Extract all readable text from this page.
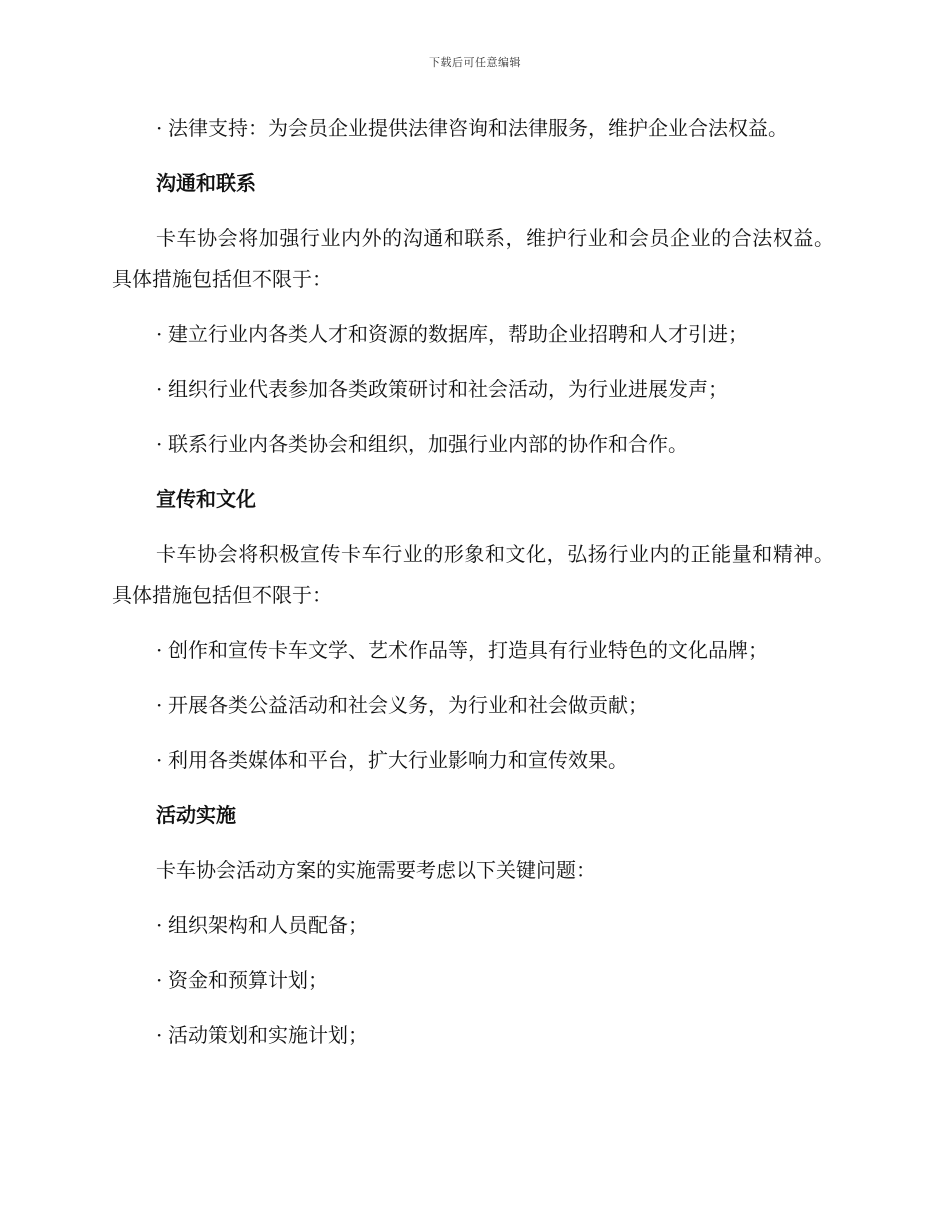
下载后可任意编辑
· 法律支持：为会员企业提供法律咨询和法律服务，维护企业合法权益。
沟通和联系
卡车协会将加强行业内外的沟通和联系，维护行业和会员企业的合法权益。具体措施包括但不限于：
· 建立行业内各类人才和资源的数据库，帮助企业招聘和人才引进；
· 组织行业代表参加各类政策研讨和社会活动，为行业进展发声；
· 联系行业内各类协会和组织，加强行业内部的协作和合作。
宣传和文化
卡车协会将积极宣传卡车行业的形象和文化，弘扬行业内的正能量和精神。具体措施包括但不限于：
· 创作和宣传卡车文学、艺术作品等，打造具有行业特色的文化品牌；
· 开展各类公益活动和社会义务，为行业和社会做贡献；
· 利用各类媒体和平台，扩大行业影响力和宣传效果。
活动实施
卡车协会活动方案的实施需要考虑以下关键问题：
· 组织架构和人员配备；
· 资金和预算计划；
· 活动策划和实施计划；
